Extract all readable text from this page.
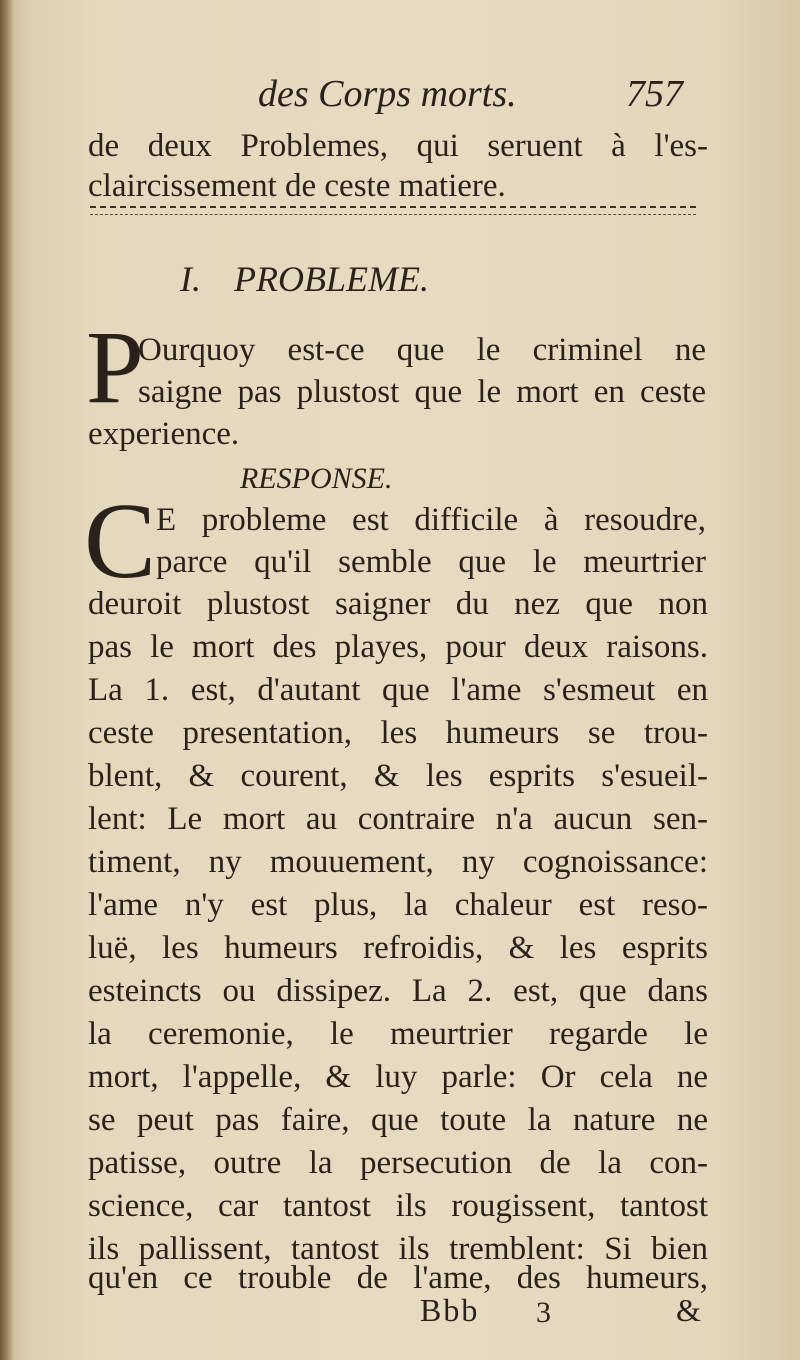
des Corps morts.	757
de deux Problemes, qui seruent à l'es-
claircissement de ceste matiere.
I. PROBLEME.
P
Ourquoy est-ce que le criminel ne
saigne pas plustost que le mort en ceste
experience.
RESPONSE.
C E probleme est difficile à resoudre,
parce qu'il semble que le meurtrier
deuroit plustost saigner du nez que non
pas le mort des playes, pour deux raisons.
La 1. est, d'autant que l'ame s'esmeut en
ceste presentation, les humeurs se trou-
blent, & courent, & les esprits s'esueil-
lent: Le mort au contraire n'a aucun sen-
timent, ny mouuement, ny cognoissance:
l'ame n'y est plus, la chaleur est reso-
luë, les humeurs refroidis, & les esprits
esteincts ou dissipez. La 2. est, que dans
la ceremonie, le meurtrier regarde le
mort, l'appelle, & luy parle: Or cela ne
se peut pas faire, que toute la nature ne
patisse, outre la persecution de la con-
science, car tantost ils rougissent, tantost
ils pallissent, tantost ils tremblent: Si bien
qu'en ce trouble de l'ame, des humeurs,
Bbb 3	&
